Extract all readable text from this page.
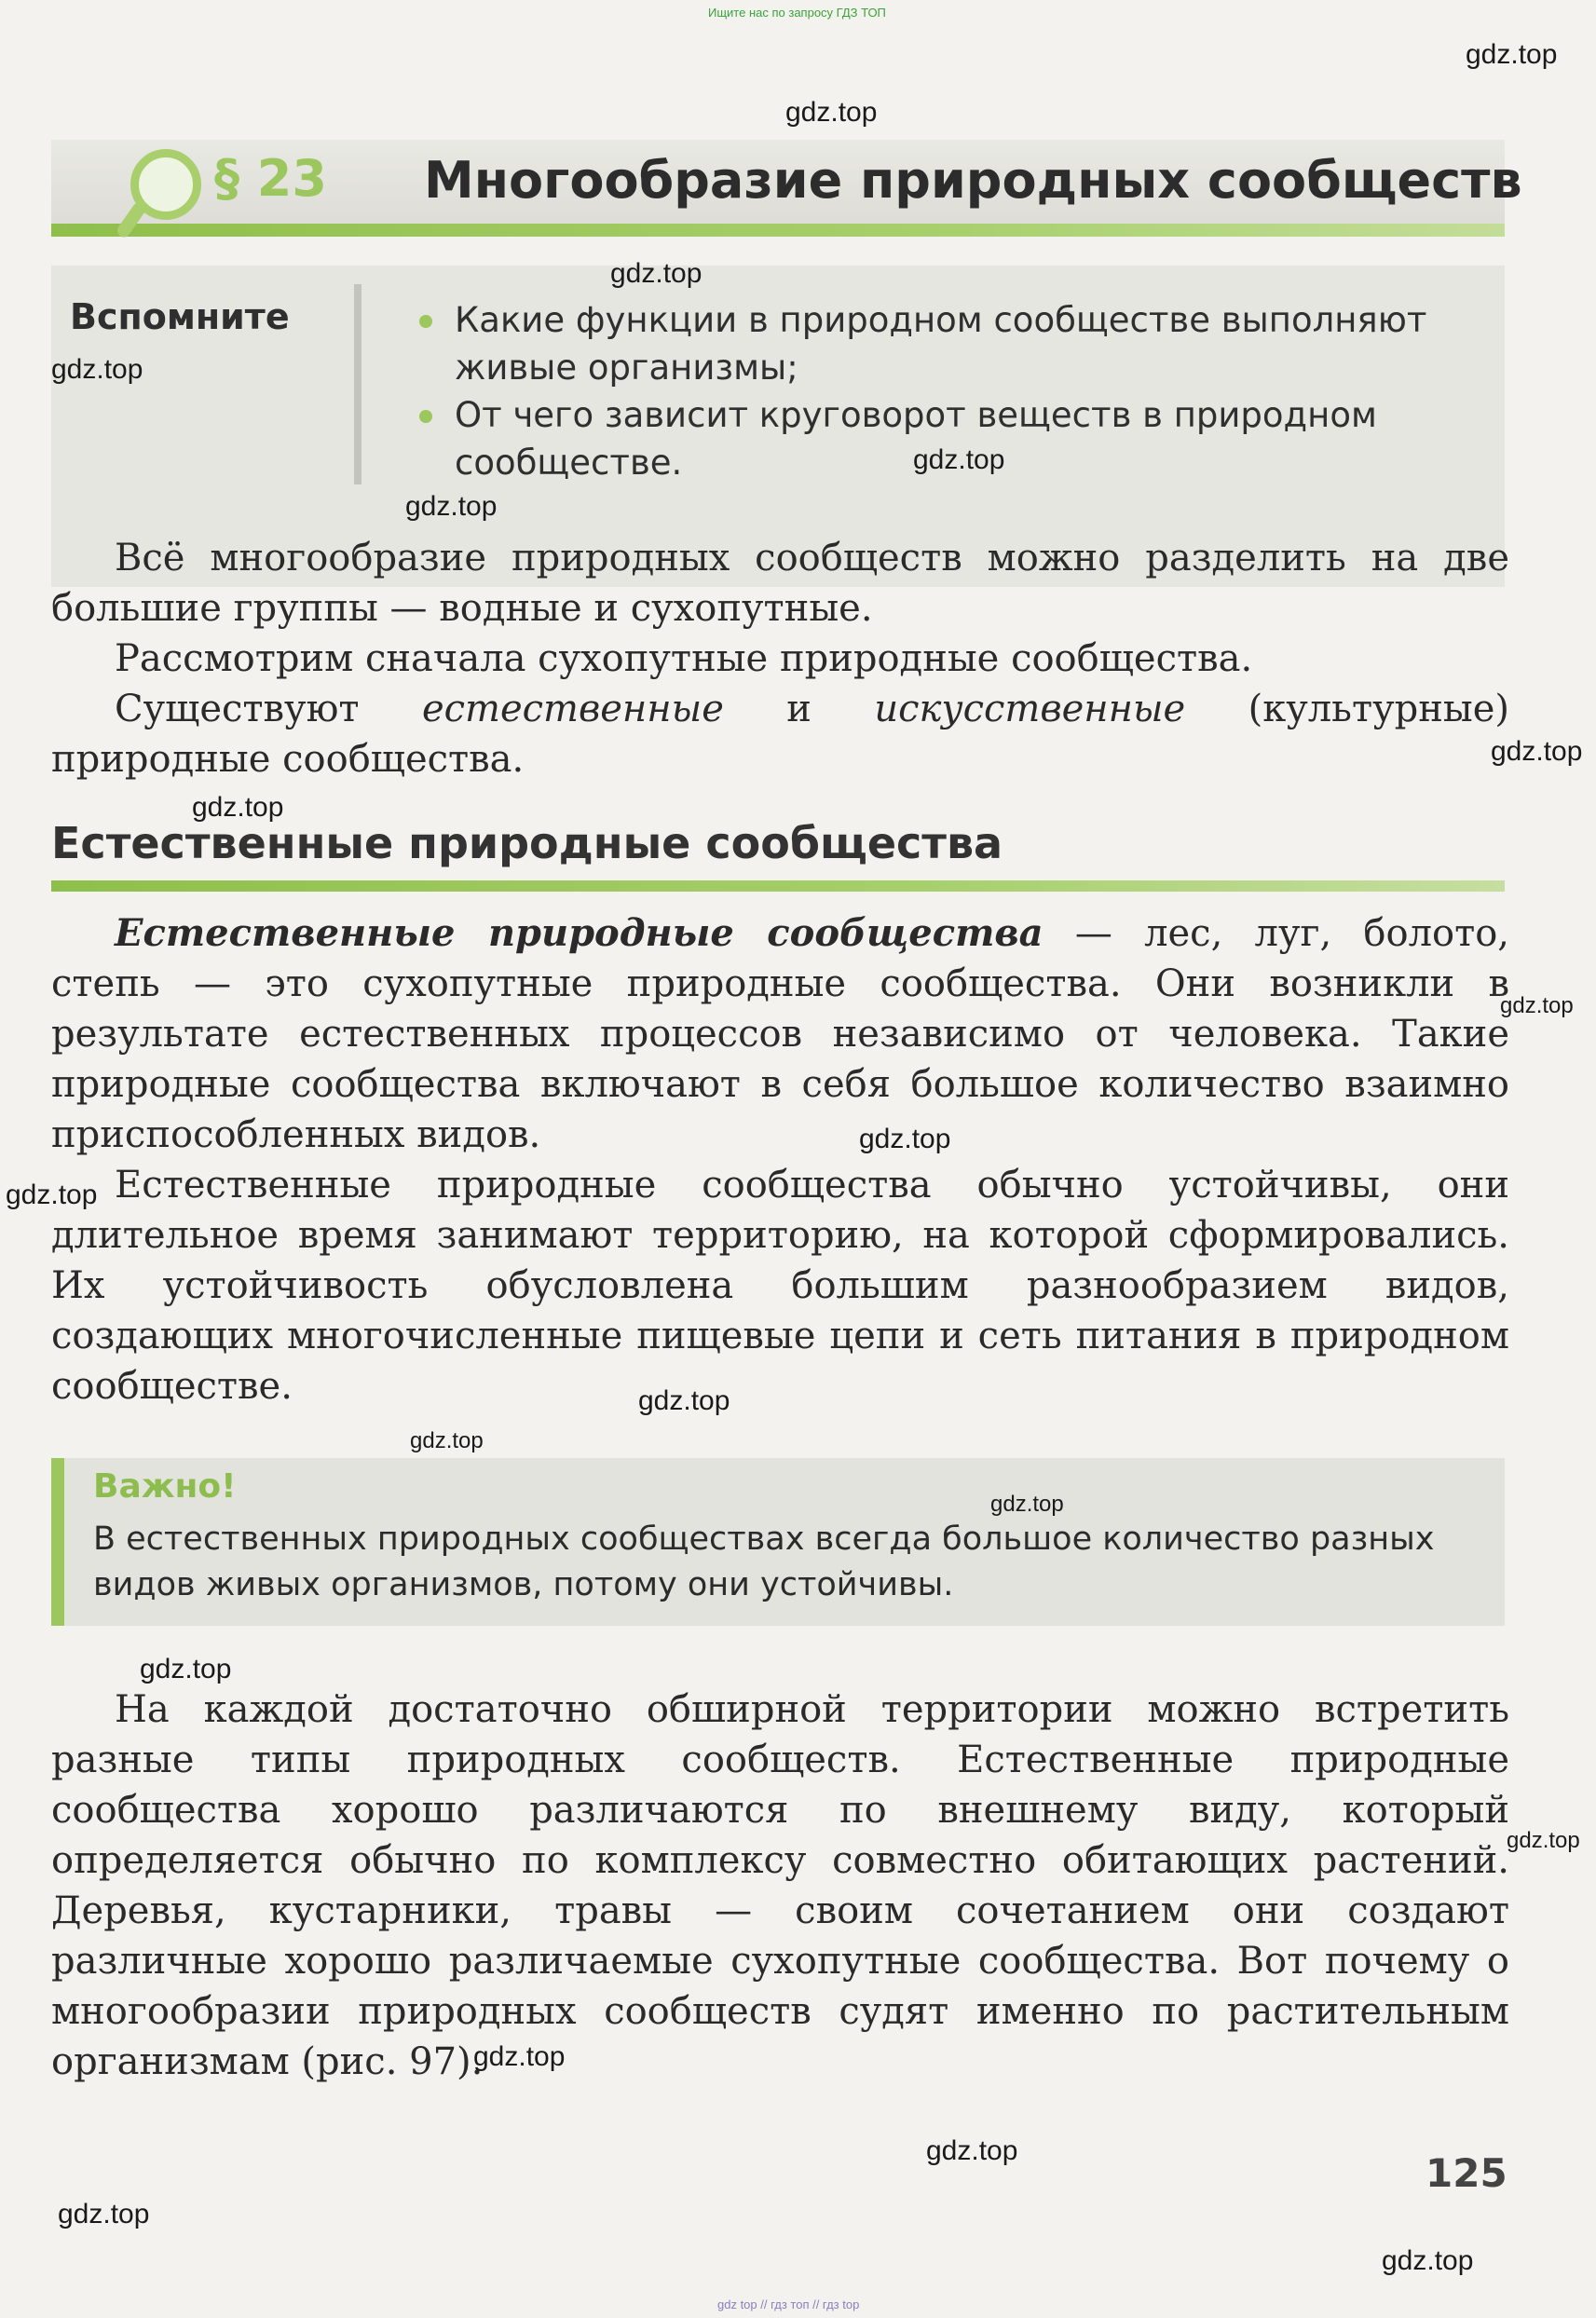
Ищите нас по запросу ГДЗ ТОП
gdz top // гдз топ // гдз top
§ 23 Многообразие природных сообществ
Вспомните	Какие функции в природном сообществе выполняют живые организмы;
От чего зависит круговорот веществ в природном сообществе.

Всё многообразие природных сообществ можно разделить на две большие группы — водные и сухопутные.

Рассмотрим сначала сухопутные природные сообщества.

Существуют естественные и искусственные (культурные) природные сообщества.

Естественные природные сообщества

Естественные природные сообщества — лес, луг, болото, степь — это сухопутные природные сообщества. Они возникли в результате естественных процессов независимо от человека. Такие природные сообщества включают в себя большое количество взаимно приспособленных видов.

Естественные природные сообщества обычно устойчивы, они длительное время занимают территорию, на которой сформировались. Их устойчивость обусловлена большим разнообразием видов, создающих многочисленные пищевые цепи и сеть питания в природном сообществе.

Важно!
В естественных природных сообществах всегда большое количество разных видов живых организмов, потому они устойчивы.

На каждой достаточно обширной территории можно встретить разные типы природных сообществ. Естественные природные сообщества хорошо различаются по внешнему виду, который определяется обычно по комплексу совместно обитающих растений. Деревья, кустарники, травы — своим сочетанием они создают различные хорошо различаемые сухопутные сообщества. Вот почему о многообразии природных сообществ судят именно по растительным организмам (рис. 97).

125
gdz.top
gdz.top
gdz.top
gdz.top
gdz.top
gdz.top
gdz.top
gdz.top
gdz.top
gdz.top
gdz.top
gdz.top
gdz.top
gdz.top
gdz.top
gdz.top
gdz.top
gdz.top
gdz.top
gdz.top
